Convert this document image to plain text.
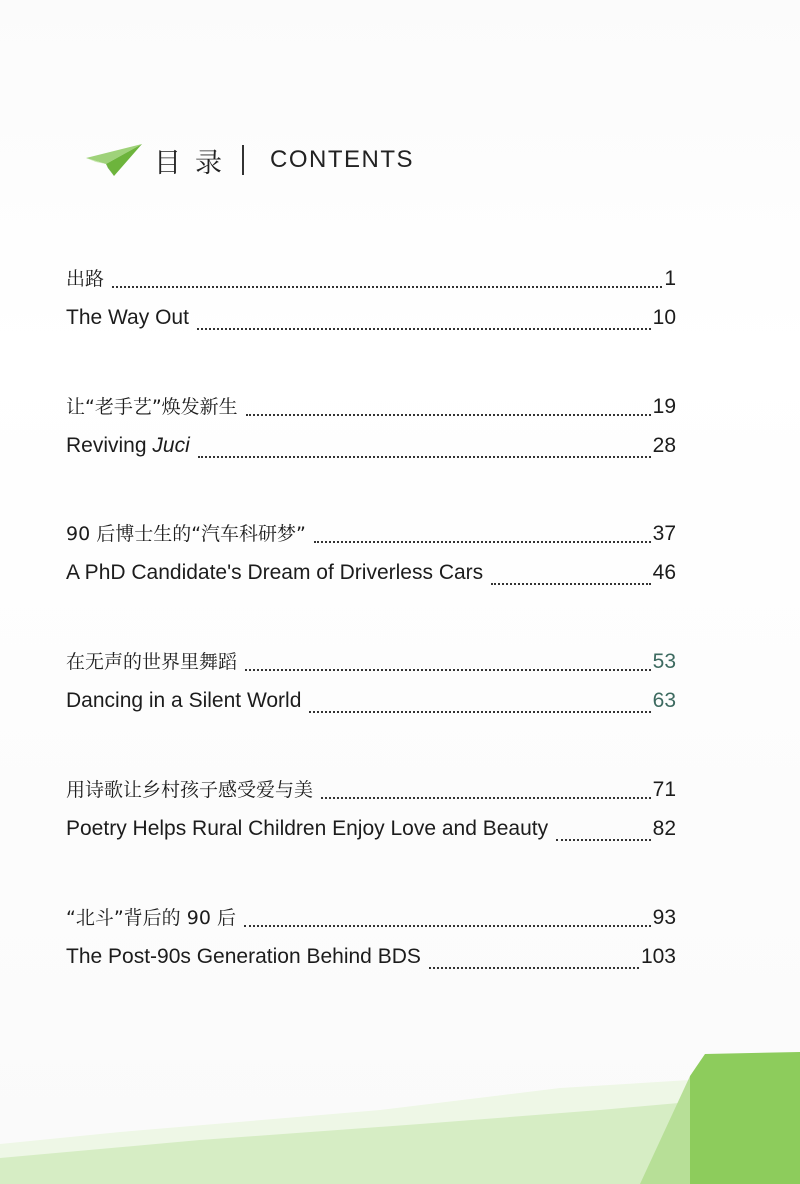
目录 CONTENTS
出路	1
The Way Out	10
让“老手艺”焕发新生	19
Reviving Juci	28
90 后博士生的“汽车科研梦”	37
A PhD Candidate's Dream of Driverless Cars	46
在无声的世界里舞蹈	53
Dancing in a Silent World	63
用诗歌让乡村孩子感受爱与美	71
Poetry Helps Rural Children Enjoy Love and Beauty	82
“北斗”背后的 90 后	93
The Post-90s Generation Behind BDS	103
